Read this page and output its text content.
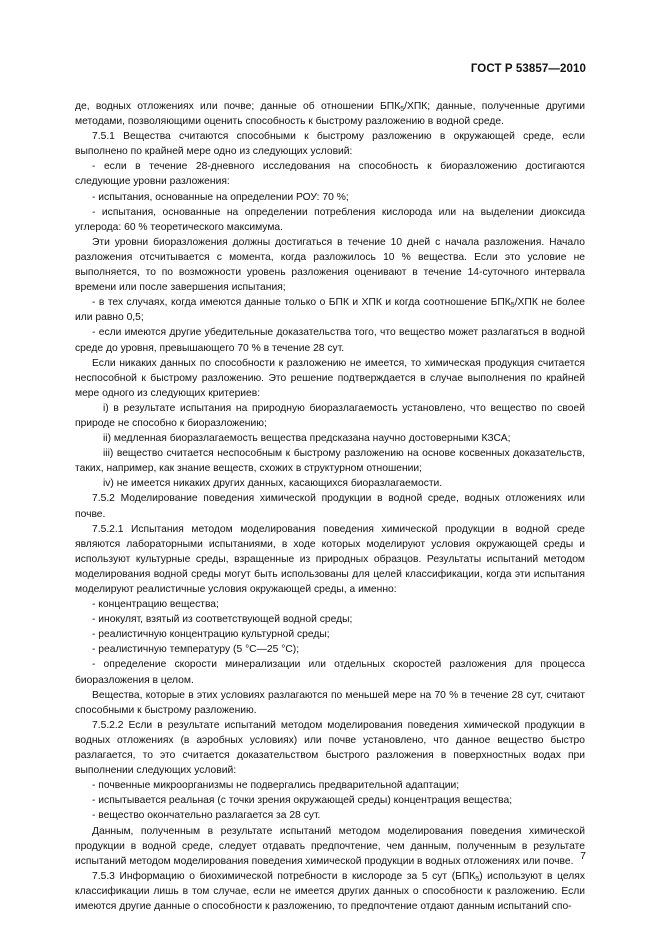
ГОСТ Р 53857—2010

де, водных отложениях или почве; данные об отношении $БПК_5$/ХПК; данные, полученные другими методами, позволяющими оценить способность к быстрому разложению в водной среде.

7.5.1 Вещества считаются способными к быстрому разложению в окружающей среде, если выполнено по крайней мере одно из следующих условий:

- если в течение 28-дневного исследования на способность к биоразложению достигаются следующие уровни разложения:

- испытания, основанные на определении РОУ: 70 %;

- испытания, основанные на определении потребления кислорода или на выделении диоксида углерода: 60 % теоретического максимума.

Эти уровни биоразложения должны достигаться в течение 10 дней с начала разложения. Начало разложения отсчитывается с момента, когда разложилось 10 % вещества. Если это условие не выполняется, то по возможности уровень разложения оценивают в течение 14-суточного интервала времени или после завершения испытания;

- в тех случаях, когда имеются данные только о БПК и ХПК и когда соотношение $БПК_5$/ХПК не более или равно 0,5;

- если имеются другие убедительные доказательства того, что вещество может разлагаться в водной среде до уровня, превышающего 70 % в течение 28 сут.

Если никаких данных по способности к разложению не имеется, то химическая продукция считается неспособной к быстрому разложению. Это решение подтверждается в случае выполнения по крайней мере одного из следующих критериев:

i) в результате испытания на природную биоразлагаемость установлено, что вещество по своей природе не способно к биоразложению;

ii) медленная биоразлагаемость вещества предсказана научно достоверными КЗСА;

iii) вещество считается неспособным к быстрому разложению на основе косвенных доказательств, таких, например, как знание веществ, схожих в структурном отношении;

iv) не имеется никаких других данных, касающихся биоразлагаемости.

7.5.2 Моделирование поведения химической продукции в водной среде, водных отложениях или почве.

7.5.2.1 Испытания методом моделирования поведения химической продукции в водной среде являются лабораторными испытаниями, в ходе которых моделируют условия окружающей среды и используют культурные среды, взращенные из природных образцов. Результаты испытаний методом моделирования водной среды могут быть использованы для целей классификации, когда эти испытания моделируют реалистичные условия окружающей среды, а именно:

- концентрацию вещества;

- инокулят, взятый из соответствующей водной среды;

- реалистичную концентрацию культурной среды;

- реалистичную температуру (5 °С—25 °С);

- определение скорости минерализации или отдельных скоростей разложения для процесса биоразложения в целом.

Вещества, которые в этих условиях разлагаются по меньшей мере на 70 % в течение 28 сут, считают способными к быстрому разложению.

7.5.2.2 Если в результате испытаний методом моделирования поведения химической продукции в водных отложениях (в аэробных условиях) или почве установлено, что данное вещество быстро разлагается, то это считается доказательством быстрого разложения в поверхностных водах при выполнении следующих условий:

- почвенные микроорганизмы не подвергались предварительной адаптации;

- испытывается реальная (с точки зрения окружающей среды) концентрация вещества;

- вещество окончательно разлагается за 28 сут.

Данным, полученным в результате испытаний методом моделирования поведения химической продукции в водной среде, следует отдавать предпочтение, чем данным, полученным в результате испытаний методом моделирования поведения химической продукции в водных отложениях или почве.

7.5.3 Информацию о биохимической потребности в кислороде за 5 сут $(БПК_5)$ используют в целях классификации лишь в том случае, если не имеется других данных о способности к разложению. Если имеются другие данные о способности к разложению, то предпочтение отдают данным испытаний спо-

7
